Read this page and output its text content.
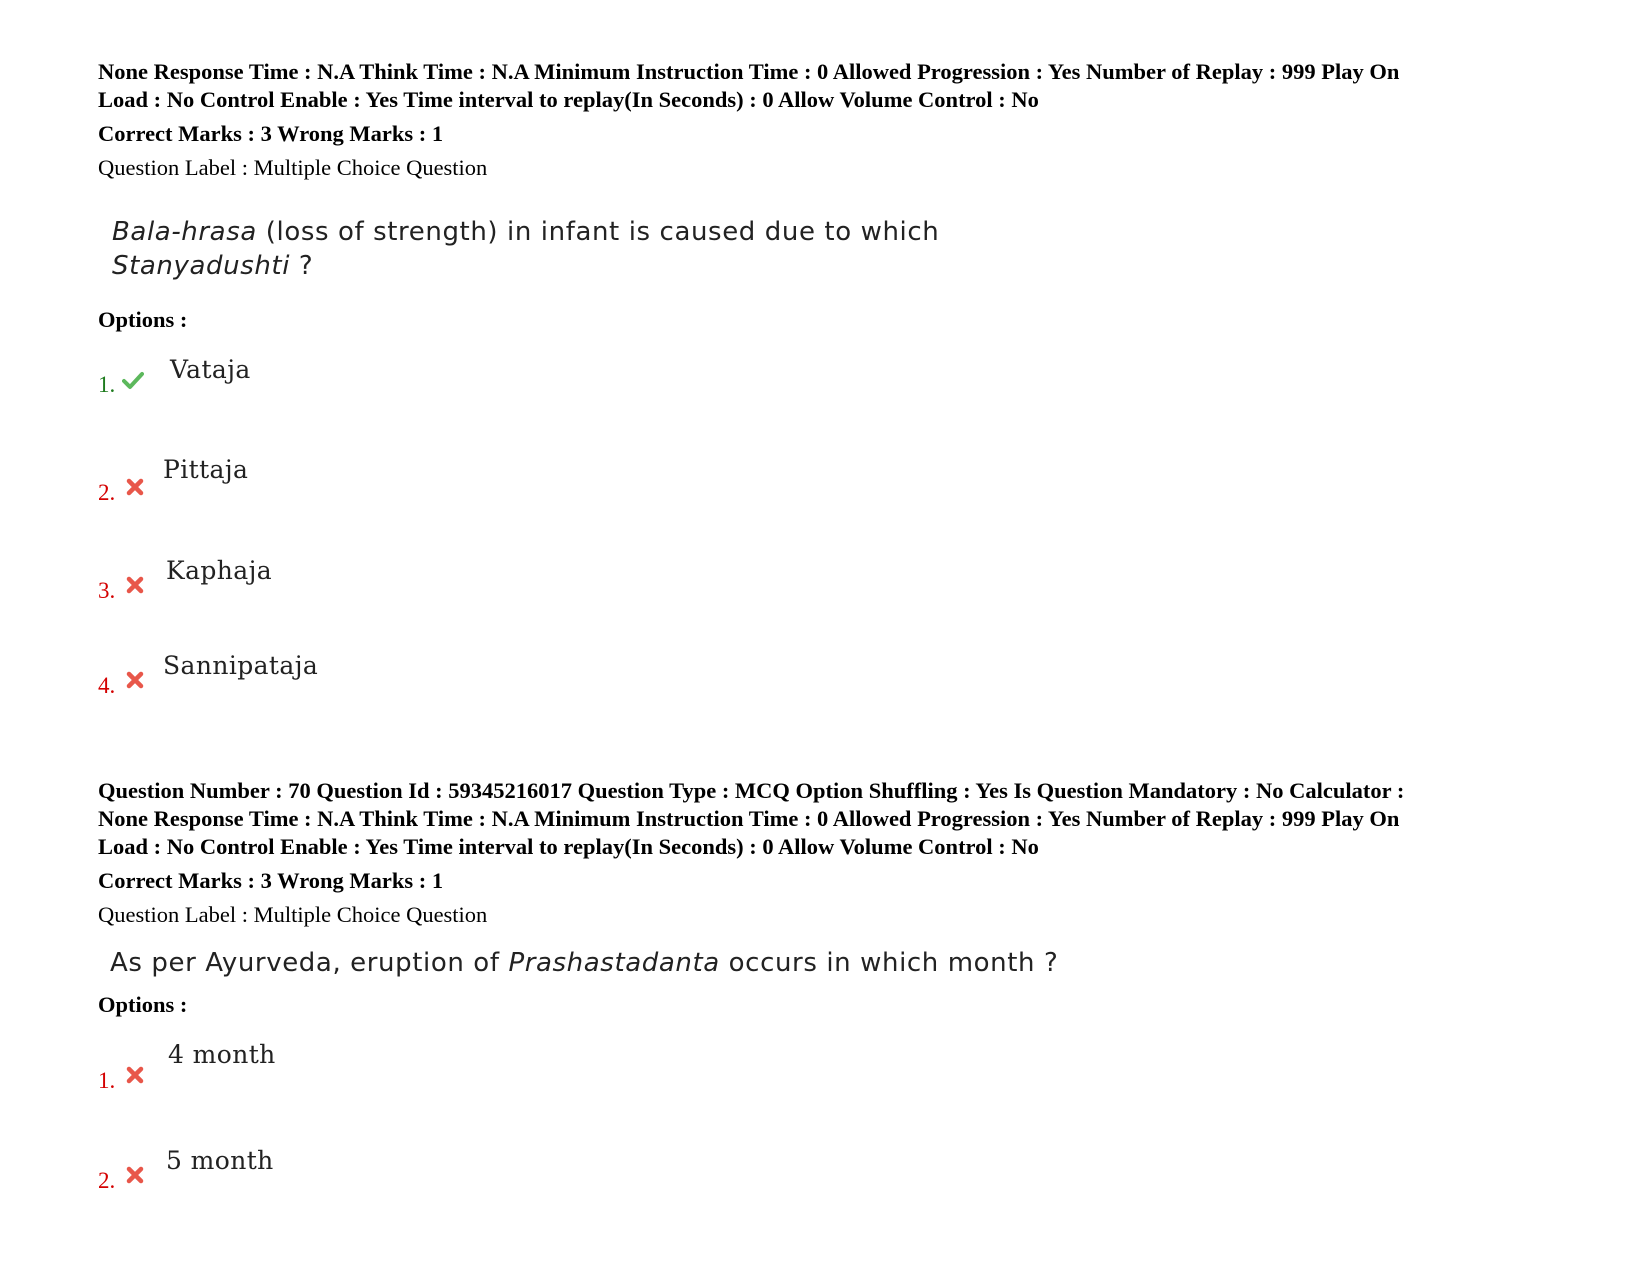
None Response Time : N.A Think Time : N.A Minimum Instruction Time : 0 Allowed Progression : Yes Number of Replay : 999 Play On
Load : No Control Enable : Yes Time interval to replay(In Seconds) : 0 Allow Volume Control : No
Correct Marks : 3 Wrong Marks : 1
Question Label : Multiple Choice Question
Bala-hrasa (loss of strength) in infant is caused due to which
Stanyadushti ?
Options :
1.
Vataja
2.
Pittaja
3.
Kaphaja
4.
Sannipataja
Question Number : 70 Question Id : 59345216017 Question Type : MCQ Option Shuffling : Yes Is Question Mandatory : No Calculator :
None Response Time : N.A Think Time : N.A Minimum Instruction Time : 0 Allowed Progression : Yes Number of Replay : 999 Play On
Load : No Control Enable : Yes Time interval to replay(In Seconds) : 0 Allow Volume Control : No
Correct Marks : 3 Wrong Marks : 1
Question Label : Multiple Choice Question
As per Ayurveda, eruption of Prashastadanta occurs in which month ?
Options :
1.
4 month
2.
5 month
